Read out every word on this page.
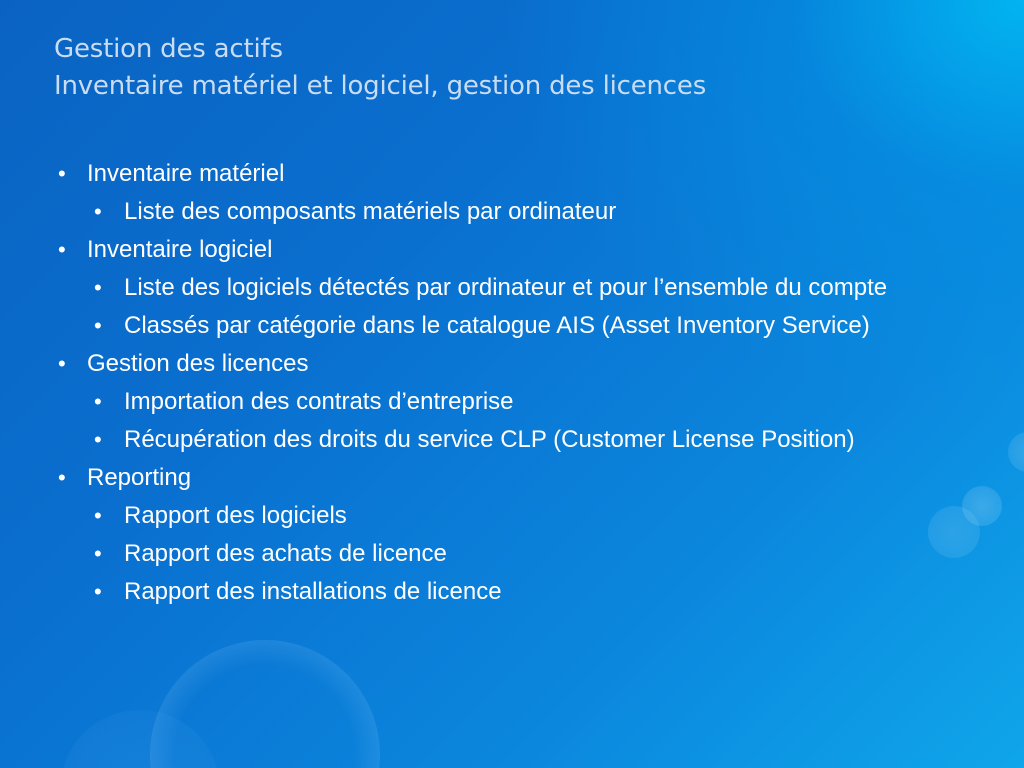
Gestion des actifs
Inventaire matériel et logiciel, gestion des licences
• Inventaire matériel
• Liste des composants matériels par ordinateur
• Inventaire logiciel
• Liste des logiciels détectés par ordinateur et pour l’ensemble du compte
• Classés par catégorie dans le catalogue AIS (Asset Inventory Service)
• Gestion des licences
• Importation des contrats d’entreprise
• Récupération des droits du service CLP (Customer License Position)
• Reporting
• Rapport des logiciels
• Rapport des achats de licence
• Rapport des installations de licence
